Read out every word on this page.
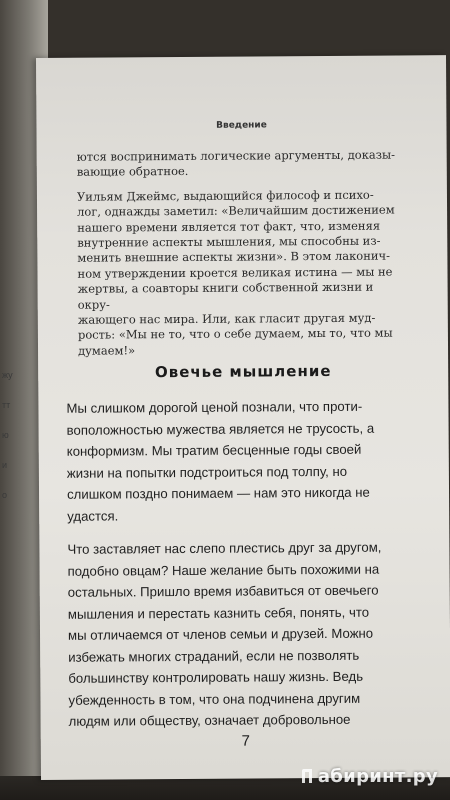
жу
тт
ю
и
о
Введение

ются воспринимать логические аргументы, доказы-
вающие обратное.

Уильям Джеймс, выдающийся философ и психо-
лог, однажды заметил: «Величайшим достижением
нашего времени является тот факт, что, изменяя
внутренние аспекты мышления, мы способны из-
менить внешние аспекты жизни». В этом лаконич-
ном утверждении кроется великая истина — мы не
жертвы, а соавторы книги собственной жизни и окру-
жающего нас мира. Или, как гласит другая муд-
рость: «Мы не то, что о себе думаем, мы то, что мы
думаем!»

Овечье мышление

Мы слишком дорогой ценой познали, что проти-
воположностью мужества является не трусость, а
конформизм. Мы тратим бесценные годы своей
жизни на попытки подстроиться под толпу, но
слишком поздно понимаем — нам это никогда не
удастся.

Что заставляет нас слепо плестись друг за другом,
подобно овцам? Наше желание быть похожими на
остальных. Пришло время избавиться от овечьего
мышления и перестать казнить себя, понять, что
мы отличаемся от членов семьи и друзей. Можно
избежать многих страданий, если не позволять
большинству контролировать нашу жизнь. Ведь
убежденность в том, что она подчинена другим
людям или обществу, означает добровольное

7
абиринт.ру
